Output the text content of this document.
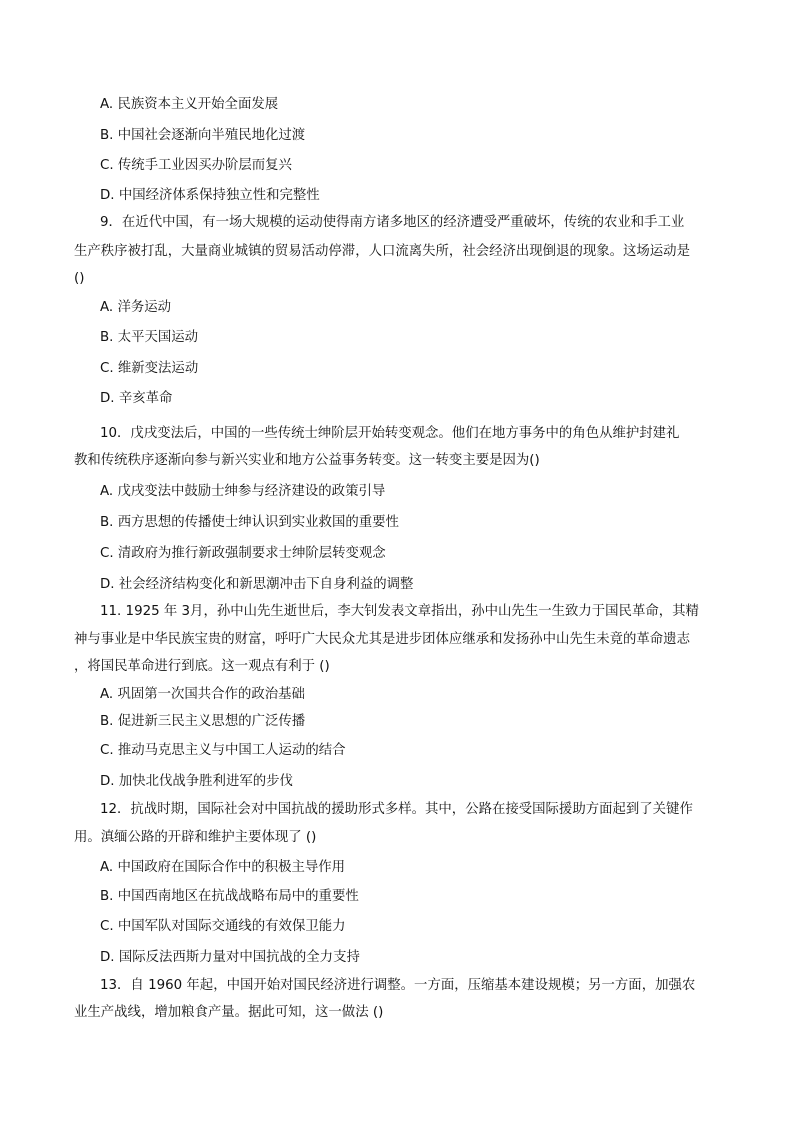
A. 民族资本主义开始全面发展
B. 中国社会逐渐向半殖民地化过渡
C. 传统手工业因买办阶层而复兴
D. 中国经济体系保持独立性和完整性
9．在近代中国，有一场大规模的运动使得南方诸多地区的经济遭受严重破坏，传统的农业和手工业
生产秩序被打乱，大量商业城镇的贸易活动停滞，人口流离失所，社会经济出现倒退的现象。这场运动是
()
A. 洋务运动
B. 太平天国运动
C. 维新变法运动
D. 辛亥革命
10．戊戌变法后，中国的一些传统士绅阶层开始转变观念。他们在地方事务中的角色从维护封建礼
教和传统秩序逐渐向参与新兴实业和地方公益事务转变。这一转变主要是因为()
A. 戊戌变法中鼓励士绅参与经济建设的政策引导
B. 西方思想的传播使士绅认识到实业救国的重要性
C. 清政府为推行新政强制要求士绅阶层转变观念
D. 社会经济结构变化和新思潮冲击下自身利益的调整
11. 1925 年 3月，孙中山先生逝世后，李大钊发表文章指出，孙中山先生一生致力于国民革命，其精
神与事业是中华民族宝贵的财富，呼吁广大民众尤其是进步团体应继承和发扬孙中山先生未竟的革命遗志
，将国民革命进行到底。这一观点有利于 ()
A. 巩固第一次国共合作的政治基础
B. 促进新三民主义思想的广泛传播
C. 推动马克思主义与中国工人运动的结合
D. 加快北伐战争胜利进军的步伐
12．抗战时期，国际社会对中国抗战的援助形式多样。其中，公路在接受国际援助方面起到了关键作
用。滇缅公路的开辟和维护主要体现了 ()
A. 中国政府在国际合作中的积极主导作用
B. 中国西南地区在抗战战略布局中的重要性
C. 中国军队对国际交通线的有效保卫能力
D. 国际反法西斯力量对中国抗战的全力支持
13．自 1960 年起，中国开始对国民经济进行调整。一方面，压缩基本建设规模；另一方面，加强农
业生产战线，增加粮食产量。据此可知，这一做法 ()
